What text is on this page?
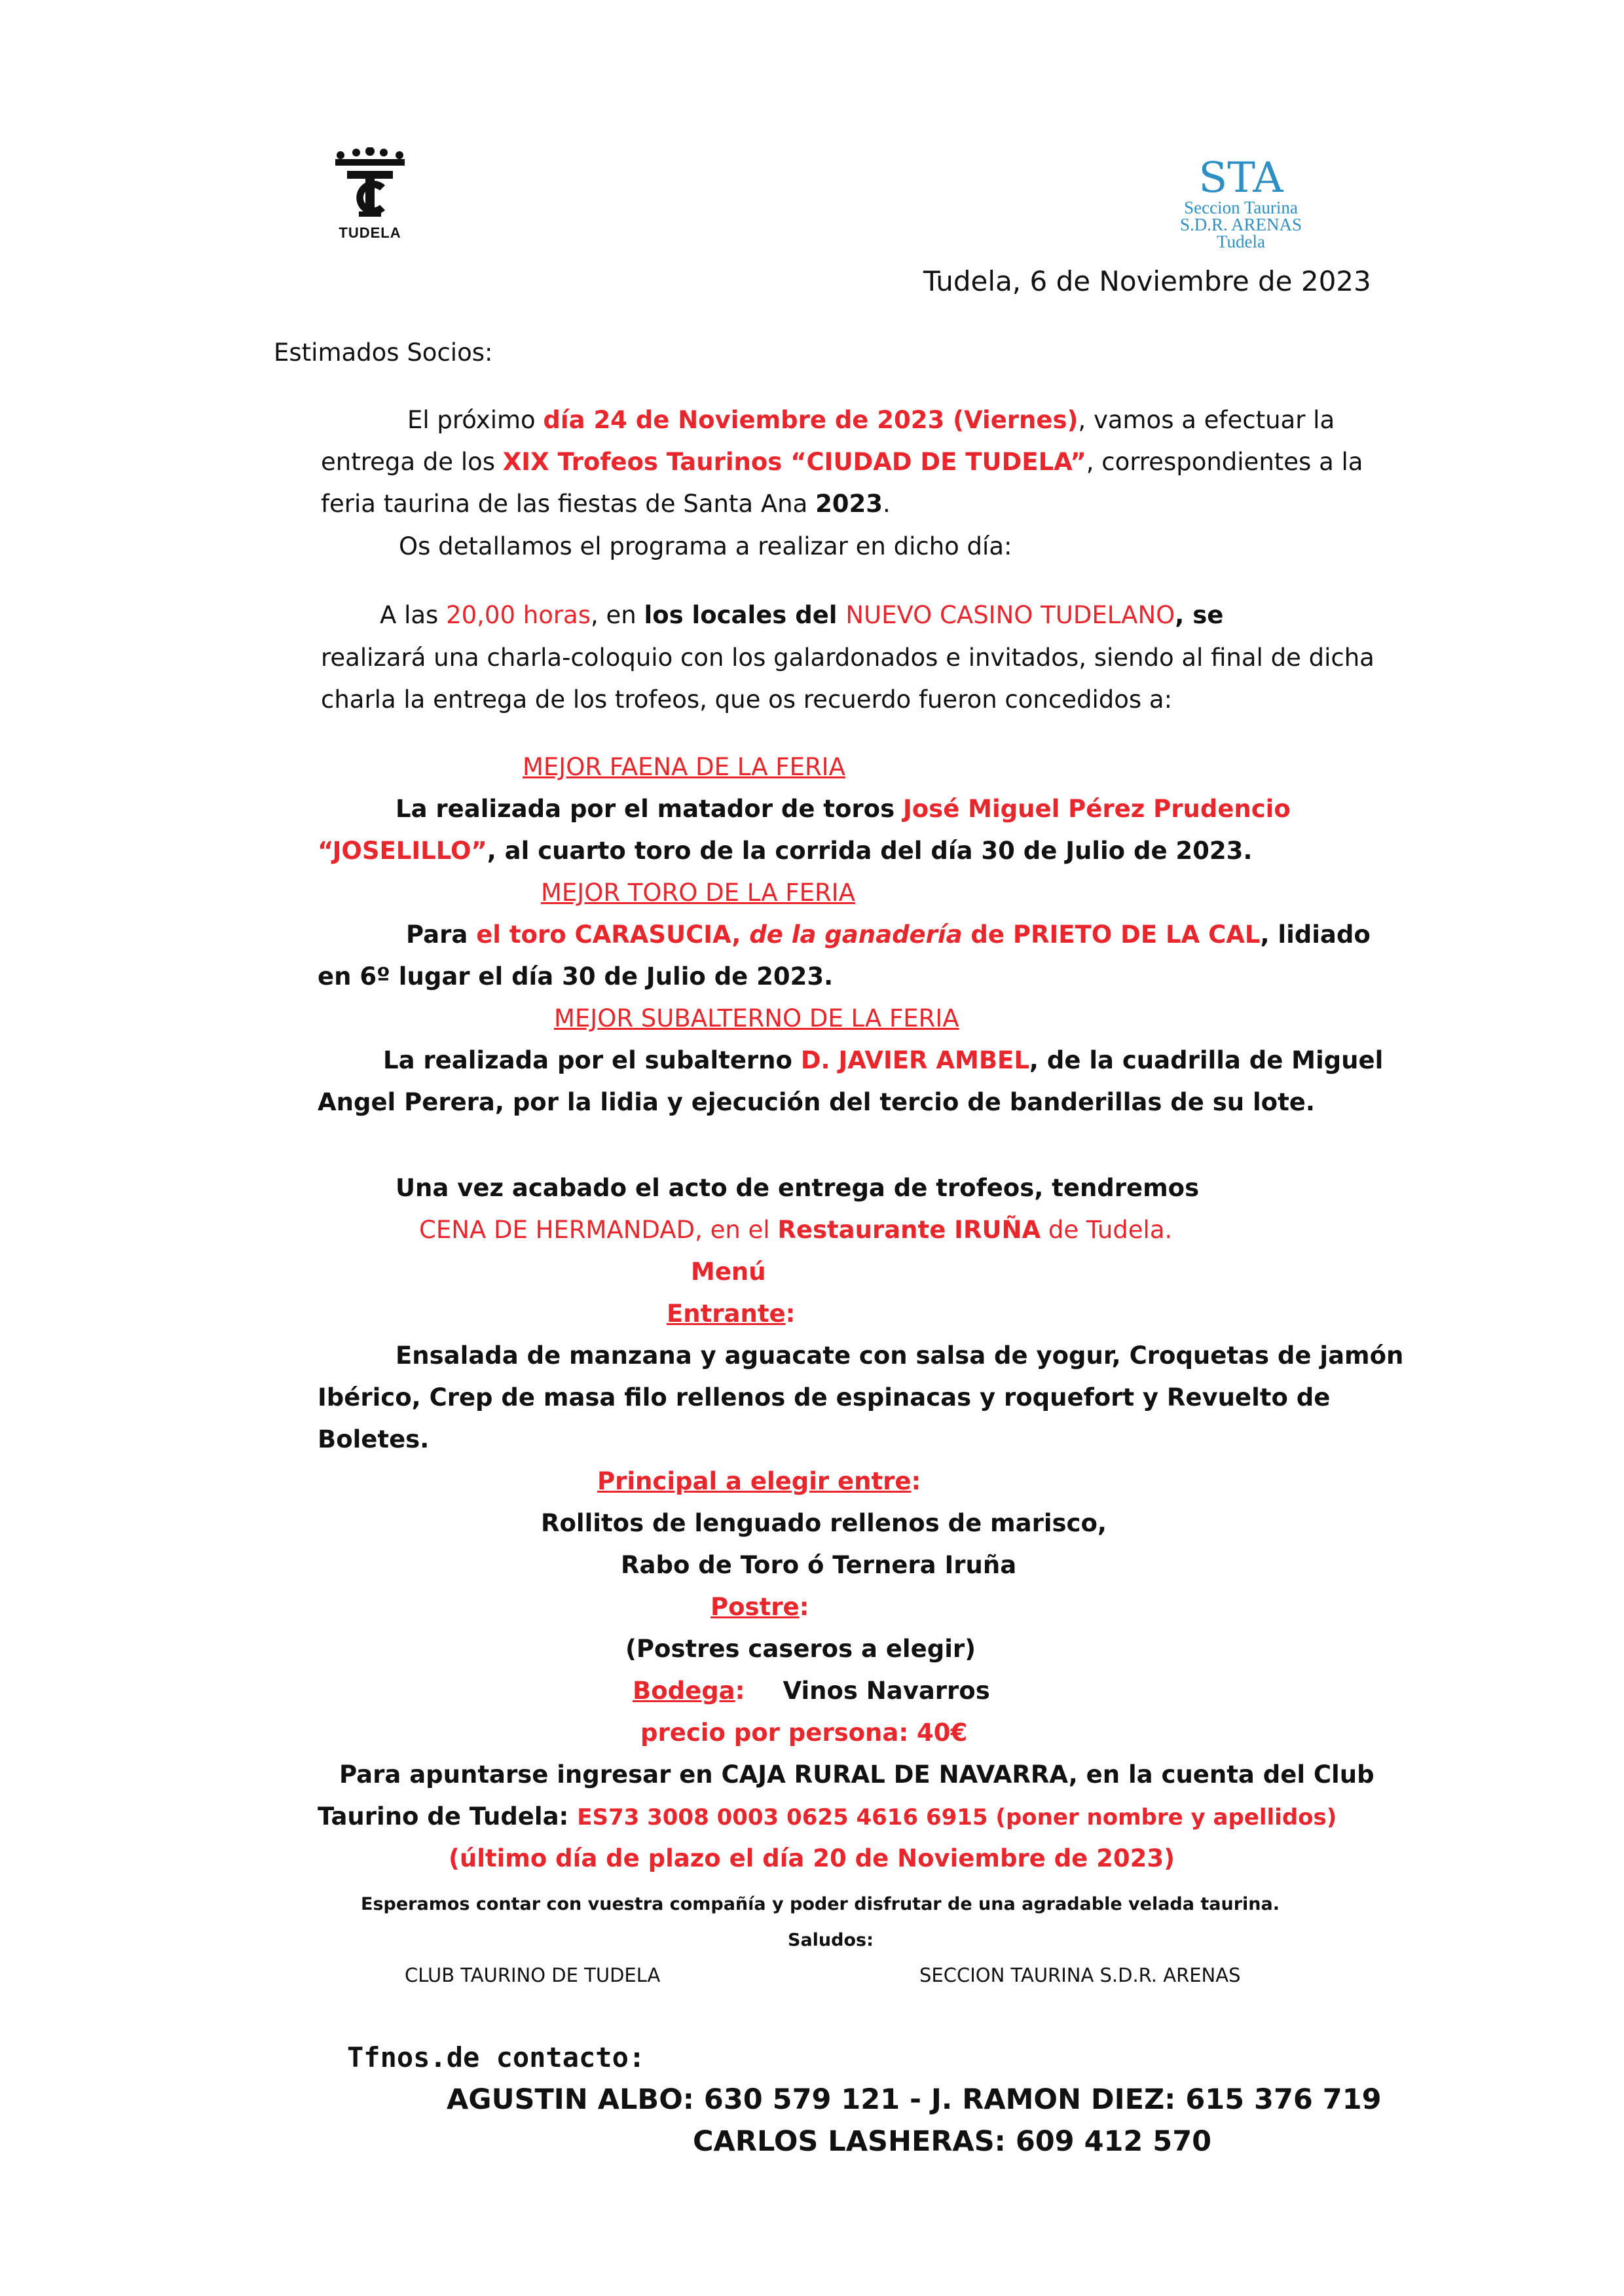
TUDELA
STA
Seccion Taurina
S.D.R. ARENAS
Tudela
Tudela, 6 de Noviembre de 2023
Estimados Socios:
El próximo día 24 de Noviembre de 2023 (Viernes), vamos a efectuar la
entrega de los XIX Trofeos Taurinos “CIUDAD DE TUDELA”, correspondientes a la
feria taurina de las fiestas de Santa Ana 2023.
Os detallamos el programa a realizar en dicho día:
A las 20,00 horas, en los locales del NUEVO CASINO TUDELANO, se
realizará una charla-coloquio con los galardonados e invitados, siendo al final de dicha
charla la entrega de los trofeos, que os recuerdo fueron concedidos a:
MEJOR FAENA DE LA FERIA
La realizada por el matador de toros José Miguel Pérez Prudencio
“JOSELILLO”, al cuarto toro de la corrida del día 30 de Julio de 2023.
MEJOR TORO DE LA FERIA
Para el toro CARASUCIA, de la ganadería de PRIETO DE LA CAL, lidiado
en 6º lugar el día 30 de Julio de 2023.
MEJOR SUBALTERNO DE LA FERIA
La realizada por el subalterno D. JAVIER AMBEL, de la cuadrilla de Miguel
Angel Perera, por la lidia y ejecución del tercio de banderillas de su lote.
Una vez acabado el acto de entrega de trofeos, tendremos
CENA DE HERMANDAD, en el Restaurante IRUÑA de Tudela.
Menú
Entrante:
Ensalada de manzana y aguacate con salsa de yogur, Croquetas de jamón
Ibérico, Crep de masa filo rellenos de espinacas y roquefort y Revuelto de
Boletes.
Principal a elegir entre:
Rollitos de lenguado rellenos de marisco,
Rabo de Toro ó Ternera Iruña
Postre:
(Postres caseros a elegir)
Bodega: Vinos Navarros
precio por persona: 40€
Para apuntarse ingresar en CAJA RURAL DE NAVARRA, en la cuenta del Club
Taurino de Tudela: ES73 3008 0003 0625 4616 6915 (poner nombre y apellidos)
(último día de plazo el día 20 de Noviembre de 2023)
Esperamos contar con vuestra compañía y poder disfrutar de una agradable velada taurina.
Saludos:
CLUB TAURINO DE TUDELA	SECCION TAURINA S.D.R. ARENAS
Tfnos.de contacto:
AGUSTIN ALBO: 630 579 121 - J. RAMON DIEZ: 615 376 719
CARLOS LASHERAS: 609 412 570
